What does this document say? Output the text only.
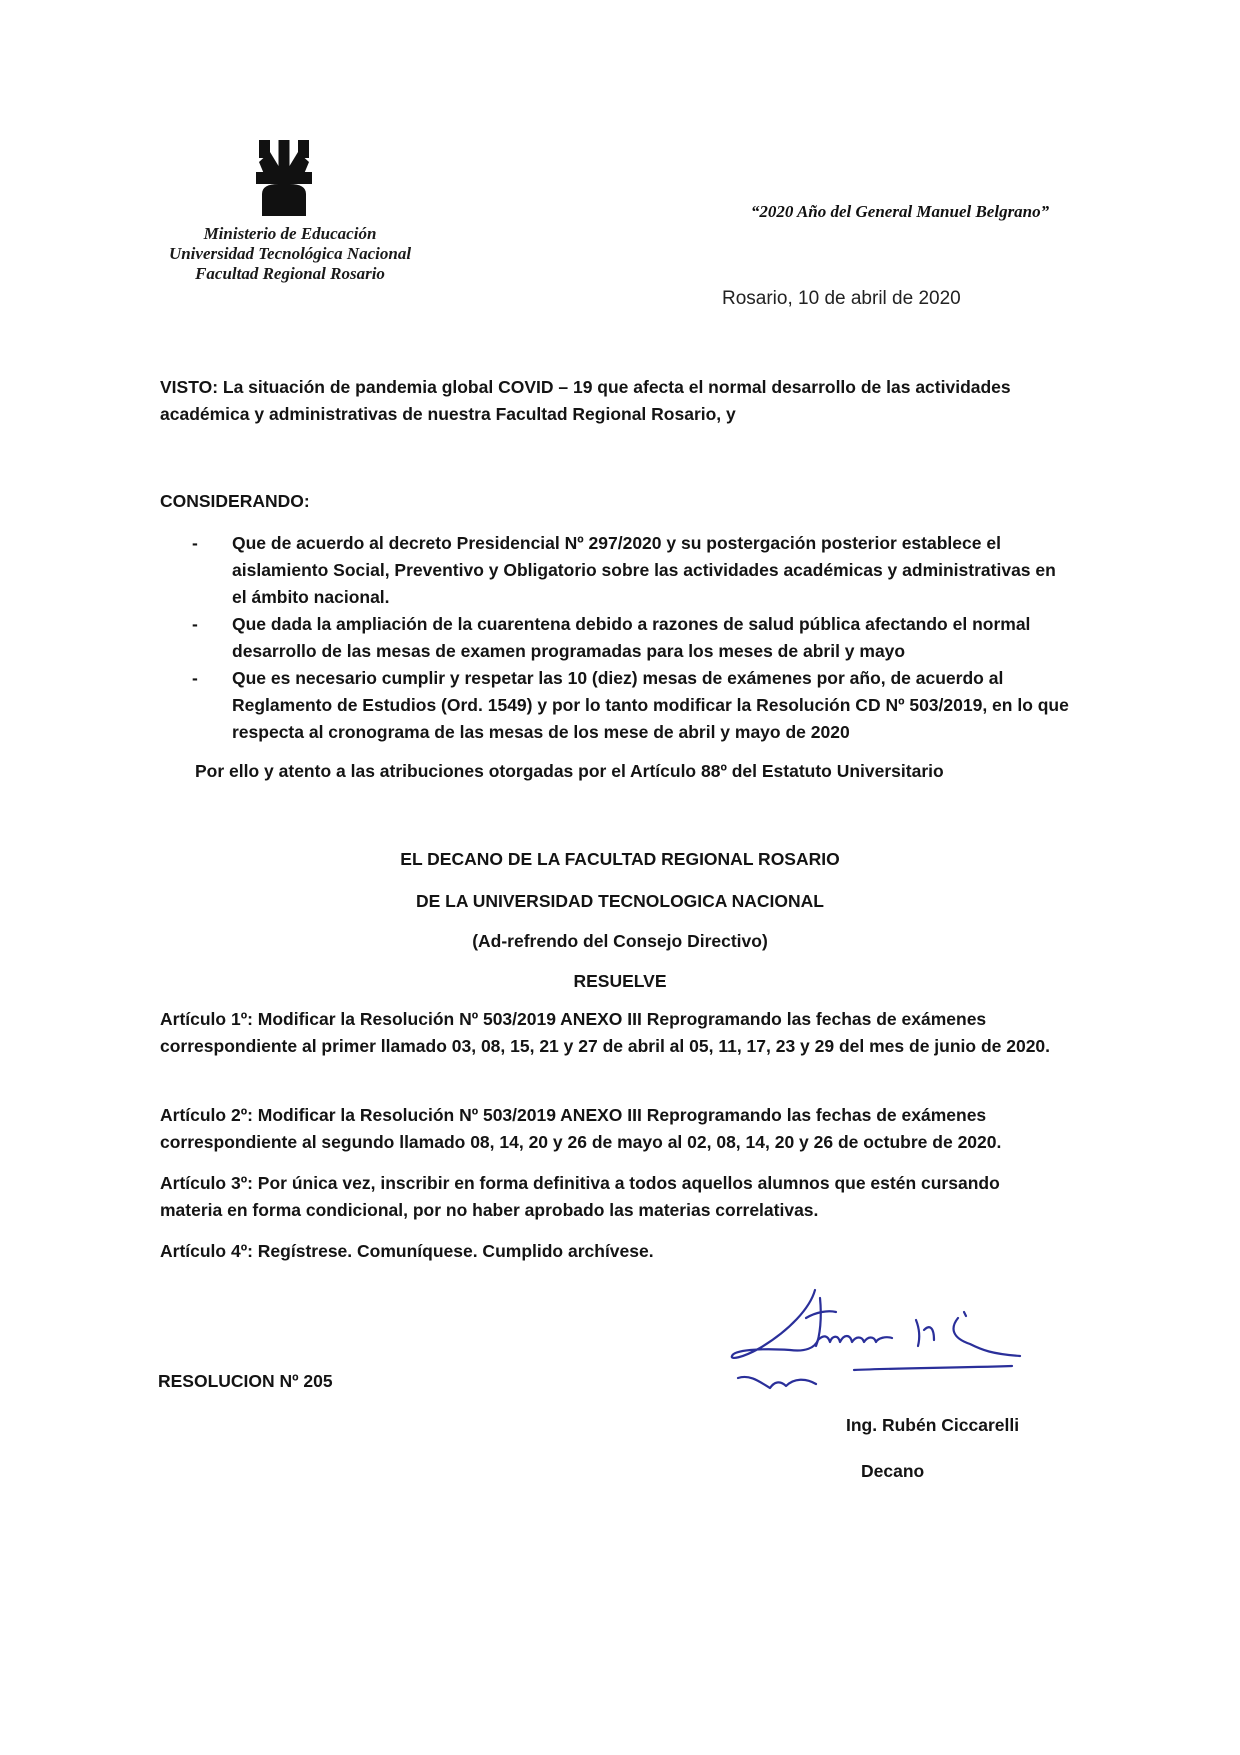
Ministerio de Educación
Universidad Tecnológica Nacional
Facultad Regional Rosario
“2020 Año del General Manuel Belgrano”
Rosario, 10 de abril de 2020
VISTO: La situación de pandemia global COVID – 19 que afecta el normal desarrollo de las actividades académica y administrativas de nuestra Facultad Regional Rosario, y
CONSIDERANDO:
- Que de acuerdo al decreto Presidencial Nº 297/2020 y su postergación posterior establece el aislamiento Social, Preventivo y Obligatorio sobre las actividades académicas y administrativas en el ámbito nacional.
- Que dada la ampliación de la cuarentena debido a razones de salud pública afectando el normal desarrollo de las mesas de examen programadas para los meses de abril y mayo
- Que es necesario cumplir y respetar las 10 (diez) mesas de exámenes por año, de acuerdo al Reglamento de Estudios (Ord. 1549) y por lo tanto modificar la Resolución CD Nº 503/2019, en lo que respecta al cronograma de las mesas de los mese de abril y mayo de 2020
Por ello y atento a las atribuciones otorgadas por el Artículo 88º del Estatuto Universitario
EL DECANO DE LA FACULTAD REGIONAL ROSARIO
DE LA UNIVERSIDAD TECNOLOGICA NACIONAL
(Ad-refrendo del Consejo Directivo)
RESUELVE
Artículo 1º: Modificar la Resolución Nº 503/2019 ANEXO III Reprogramando las fechas de exámenes correspondiente al primer llamado 03, 08, 15, 21 y 27 de abril al 05, 11, 17, 23 y 29 del mes de junio de 2020.
Artículo 2º: Modificar la Resolución Nº 503/2019 ANEXO III Reprogramando las fechas de exámenes correspondiente al segundo llamado 08, 14, 20 y 26 de mayo al 02, 08, 14, 20 y 26 de octubre de 2020.
Artículo 3º: Por única vez, inscribir en forma definitiva a todos aquellos alumnos que estén cursando materia en forma condicional, por no haber aprobado las materias correlativas.
Artículo 4º: Regístrese. Comuníquese. Cumplido archívese.
RESOLUCION Nº 205
Ing. Rubén Ciccarelli
Decano
